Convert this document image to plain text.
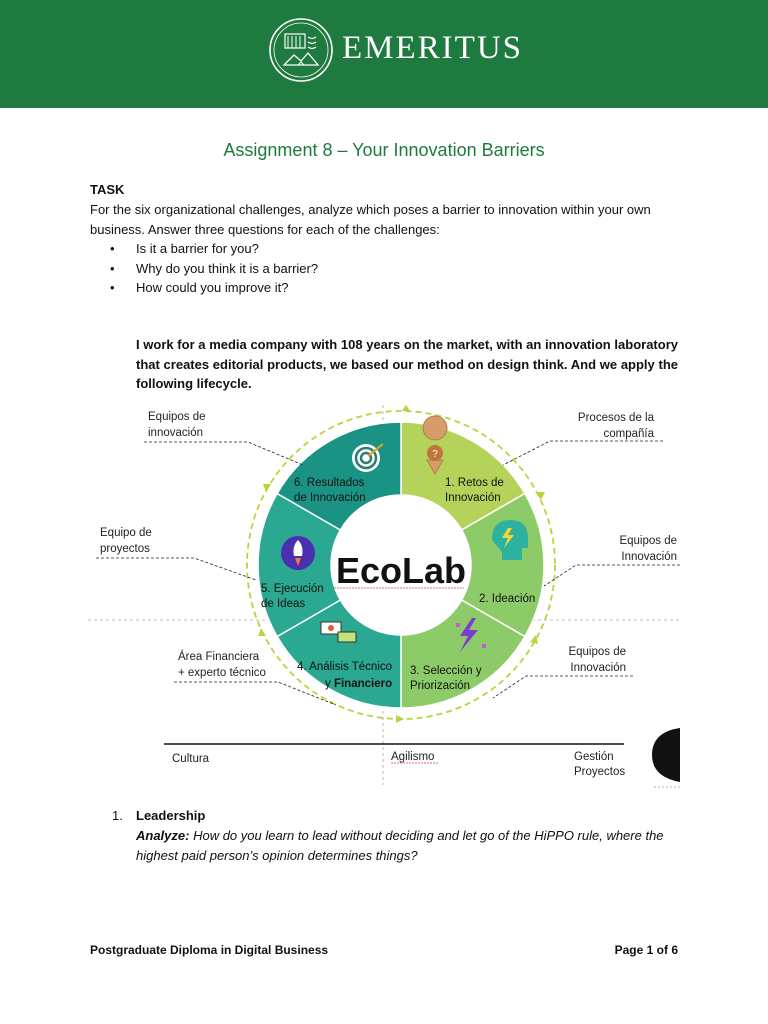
EMERITUS
Assignment 8 – Your Innovation Barriers
TASK
For the six organizational challenges, analyze which poses a barrier to innovation within your own business. Answer three questions for each of the challenges:
• Is it a barrier for you?
• Why do you think it is a barrier?
• How could you improve it?
I work for a media company with 108 years on the market, with an innovation laboratory that creates editorial products, we based our method on design think. And we apply the following lifecycle.
EcoLab
?
6. Resultados
de Innovación
1. Retos de
Innovación
2. Ideación
3. Selección y
Priorización
4. Análisis Técnico
y Financiero
5. Ejecución
de Ideas
Equipos de
innovación
Procesos de la
compañía
Equipo de
proyectos
Equipos de
Innovación
Área Financiera
+ experto técnico
Equipos de
Innovación
Cultura	Agilismo	Gestión
Proyectos
1. Leadership
Analyze: How do you learn to lead without deciding and let go of the HiPPO rule, where the highest paid person’s opinion determines things?
Postgraduate Diploma in Digital Business	Page 1 of 6
